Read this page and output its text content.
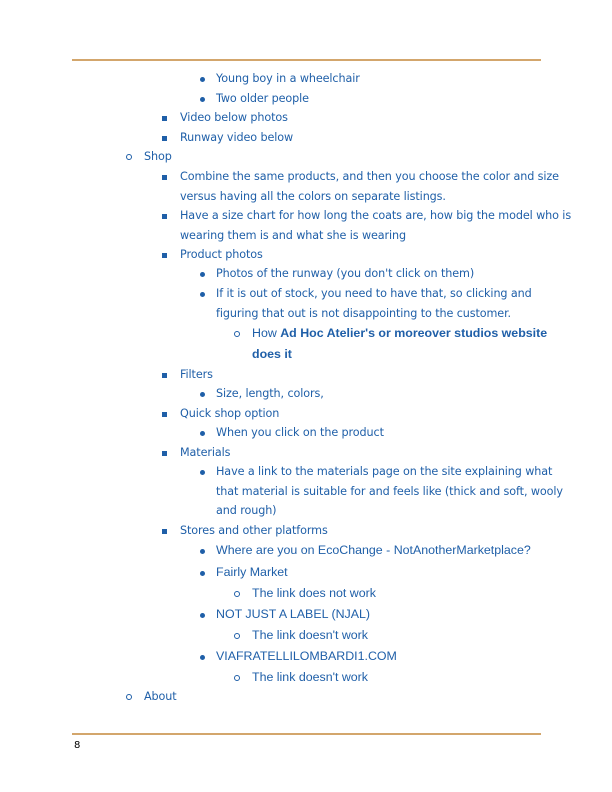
Young boy in a wheelchair
Two older people
Video below photos
Runway video below
Shop
Combine the same products, and then you choose the color and size
versus having all the colors on separate listings.
Have a size chart for how long the coats are, how big the model who is
wearing them is and what she is wearing
Product photos
Photos of the runway (you don't click on them)
If it is out of stock, you need to have that, so clicking and
figuring that out is not disappointing to the customer.
How Ad Hoc Atelier's or moreover studios website
does it
Filters
Size, length, colors,
Quick shop option
When you click on the product
Materials
Have a link to the materials page on the site explaining what
that material is suitable for and feels like (thick and soft, wooly
and rough)
Stores and other platforms
Where are you on EcoChange - NotAnotherMarketplace?
Fairly Market
The link does not work
NOT JUST A LABEL (NJAL)
The link doesn't work
VIAFRATELLILOMBARDI1.COM
The link doesn't work
About
8
